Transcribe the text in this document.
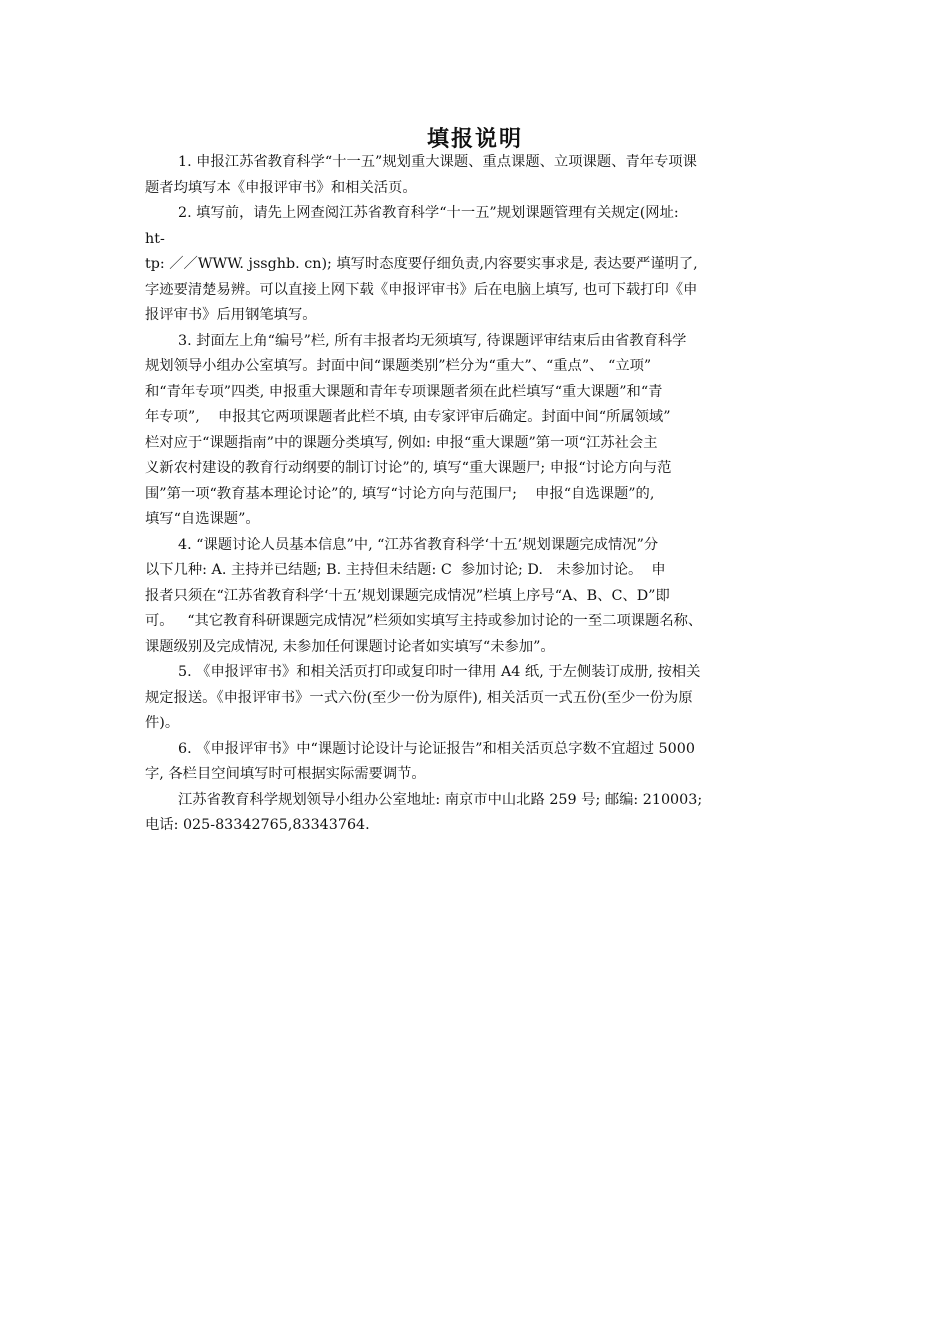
填报说明
1. 申报江苏省教育科学“十一五”规划重大课题、重点课题、立项课题、青年专项课
题者均填写本《申报评审书》和相关活页。
2. 填写前，请先上网查阅江苏省教育科学“十一五”规划课题管理有关规定(网址:
ht-
tp: ／／WWW. jssghb. cn); 填写时态度要仔细负责,内容要实事求是, 表达要严谨明了,
字迹要清楚易辨。可以直接上网下载《申报评审书》后在电脑上填写, 也可下载打印《申
报评审书》后用钢笔填写。
3. 封面左上角“编号”栏, 所有丰报者均无须填写, 待课题评审结束后由省教育科学
规划领导小组办公室填写。封面中间“课题类别”栏分为“重大”、“重点”、 “立项”
和“青年专项”四类, 申报重大课题和青年专项课题者须在此栏填写“重大课题”和“青
年专项”,    申报其它两项课题者此栏不填, 由专家评审后确定。封面中间“所属领域”
栏对应于“课题指南”中的课题分类填写, 例如: 申报“重大课题”第一项“江苏社会主
义新农村建设的教育行动纲要的制订讨论”的, 填写“重大课题尸; 申报“讨论方向与范
围”第一项“教育基本理论讨论”的, 填写“讨论方向与范围尸;    申报“自选课题”的,
填写“自选课题”。
4. “课题讨论人员基本信息”中, “江苏省教育科学‘十五’规划课题完成情况”分
以下几种: A. 主持并已结题; B. 主持但未结题: C  参加讨论; D.   未参加讨论。  申
报者只须在“江苏省教育科学‘十五’规划课题完成情况”栏填上序号“A、B、C、D”即
可。   “其它教育科研课题完成情况”栏须如实填写主持或参加讨论的一至二项课题名称、
课题级别及完成情况, 未参加任何课题讨论者如实填写“未参加”。
5. 《申报评审书》和相关活页打印或复印时一律用 A4 纸, 于左侧装订成册, 按相关
规定报送。《申报评审书》一式六份(至少一份为原件), 相关活页一式五份(至少一份为原
件)。
6. 《申报评审书》中“课题讨论设计与论证报告”和相关活页总字数不宜超过 5000
字, 各栏目空间填写时可根据实际需要调节。
江苏省教育科学规划领导小组办公室地址: 南京市中山北路 259 号; 邮编: 210003;
电话: 025-83342765,83343764.
